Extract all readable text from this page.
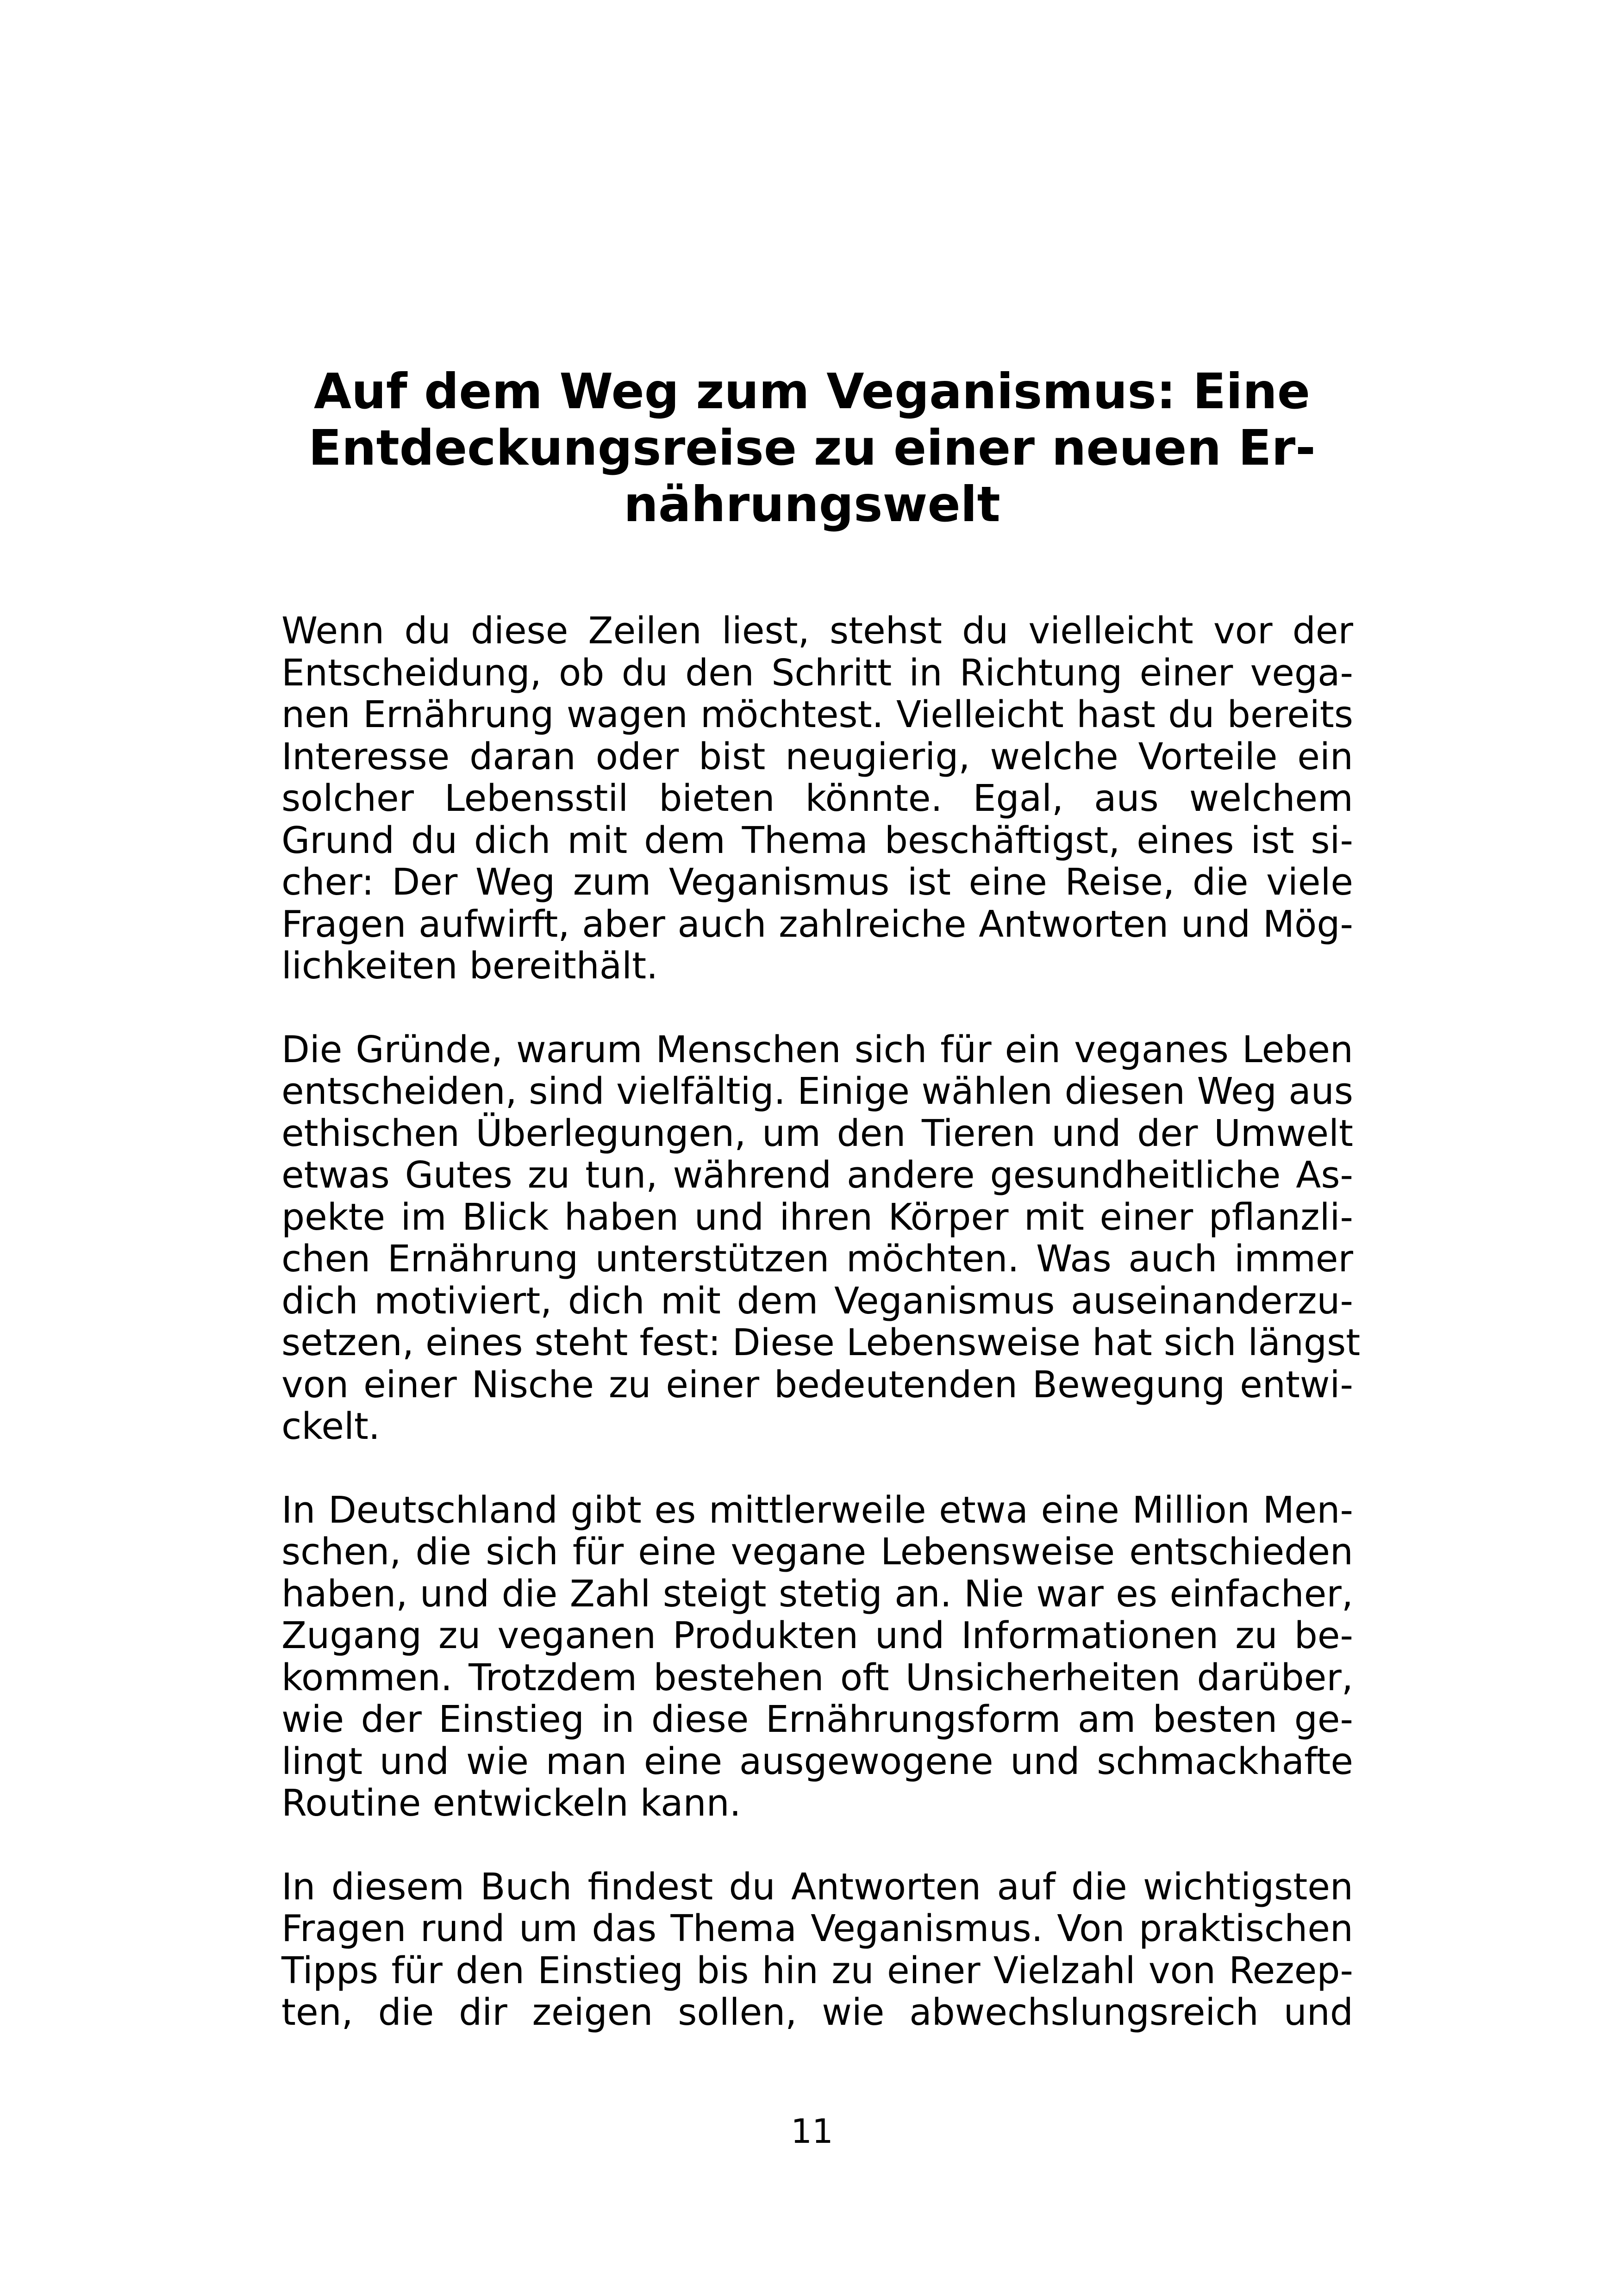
Auf dem Weg zum Veganismus: Eine
Entdeckungsreise zu einer neuen Er-
nährungswelt

Wenn du diese Zeilen liest, stehst du vielleicht vor der
Entscheidung, ob du den Schritt in Richtung einer vega-
nen Ernährung wagen möchtest. Vielleicht hast du bereits
Interesse daran oder bist neugierig, welche Vorteile ein
solcher Lebensstil bieten könnte. Egal, aus welchem
Grund du dich mit dem Thema beschäftigst, eines ist si-
cher: Der Weg zum Veganismus ist eine Reise, die viele
Fragen aufwirft, aber auch zahlreiche Antworten und Mög-
lichkeiten bereithält.

Die Gründe, warum Menschen sich für ein veganes Leben
entscheiden, sind vielfältig. Einige wählen diesen Weg aus
ethischen Überlegungen, um den Tieren und der Umwelt
etwas Gutes zu tun, während andere gesundheitliche As-
pekte im Blick haben und ihren Körper mit einer pflanzli-
chen Ernährung unterstützen möchten. Was auch immer
dich motiviert, dich mit dem Veganismus auseinanderzu-
setzen, eines steht fest: Diese Lebensweise hat sich längst
von einer Nische zu einer bedeutenden Bewegung entwi-
ckelt.

In Deutschland gibt es mittlerweile etwa eine Million Men-
schen, die sich für eine vegane Lebensweise entschieden
haben, und die Zahl steigt stetig an. Nie war es einfacher,
Zugang zu veganen Produkten und Informationen zu be-
kommen. Trotzdem bestehen oft Unsicherheiten darüber,
wie der Einstieg in diese Ernährungsform am besten ge-
lingt und wie man eine ausgewogene und schmackhafte
Routine entwickeln kann.

In diesem Buch findest du Antworten auf die wichtigsten
Fragen rund um das Thema Veganismus. Von praktischen
Tipps für den Einstieg bis hin zu einer Vielzahl von Rezep-
ten, die dir zeigen sollen, wie abwechslungsreich und

11
